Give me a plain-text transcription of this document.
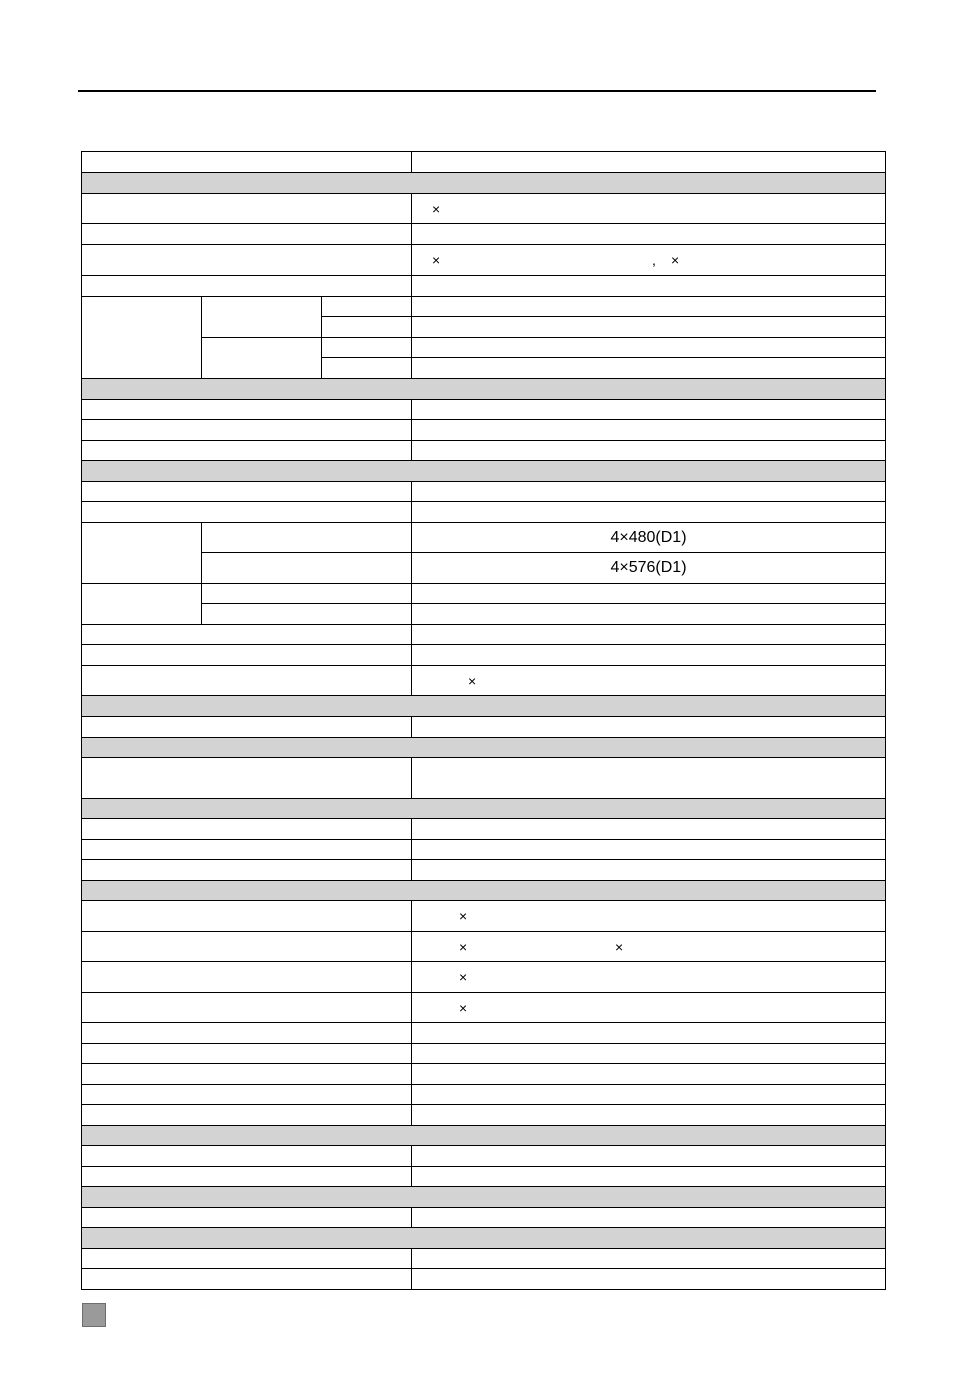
			×

			× , ×

			4×480(D1)

			4×576(D1)

			×

			×

			× ×

			×

			×
